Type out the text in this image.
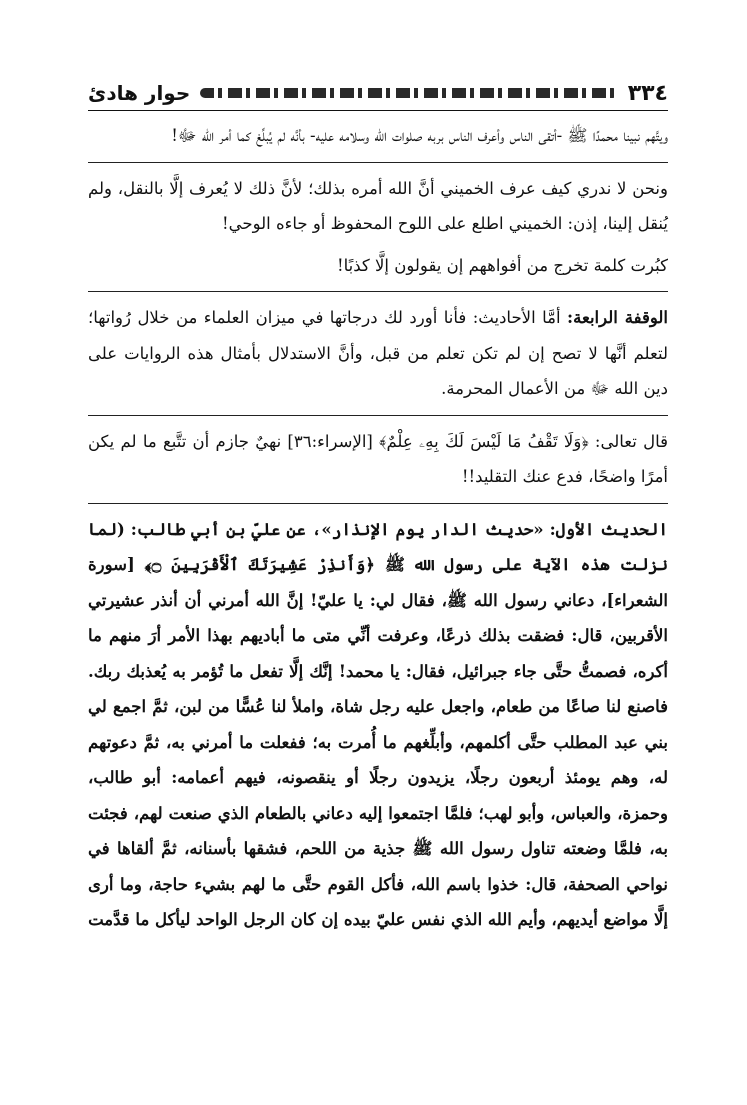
٣٣٤
حوار هادئ

ويتَّهم نبينا محمدًا ﷺ -أتقى الناس وأعرف الناس بربه صلوات الله وسلامه عليه- بأنَّه لم يُبلِّغ كما أمر الله ﷻ!

ونحن لا ندري كيف عرف الخميني أنَّ الله أمره بذلك؛ لأنَّ ذلك لا يُعرف إلَّا بالنقل، ولم يُنقل إلينا، إذن: الخميني اطلع على اللوح المحفوظ أو جاءه الوحي!

كبُرت كلمة تخرج من أفواههم إن يقولون إلَّا كذبًا!

الوقفة الرابعة: أمَّا الأحاديث: فأنا أورد لك درجاتها في ميزان العلماء من خلال رُواتها؛ لتعلم أنَّها لا تصح إن لم تكن تعلم من قبل، وأنَّ الاستدلال بأمثال هذه الروايات على دين الله ﷻ من الأعمال المحرمة.

قال تعالى: ﴿وَلَا تَقْفُ مَا لَيْسَ لَكَ بِهِۦ عِلْمٌ﴾ [الإسراء:٣٦] نهيٌ جازم أن تتَّبع ما لم يكن أمرًا واضحًا، فدع عنك التقليد!!

الحديث الأول: «حديث الدار يوم الإنذار»، عن عليّ بن أبي طالب: (لما نزلت هذه الآية على رسول الله ﷺ ﴿وَأَنذِرْ عَشِيرَتَكَ ٱلْأَقْرَبِينَ ۝﴾ [سورة الشعراء]، دعاني رسول الله ﷺ، فقال لي: يا عليّ! إنَّ الله أمرني أن أنذر عشيرتي الأقربين، قال: فضقت بذلك ذرعًا، وعرفت أنِّي متى ما أباديهم بهذا الأمر أرَ منهم ما أكره، فصمتُّ حتَّى جاء جبرائيل، فقال: يا محمد! إنَّك إلَّا تفعل ما تُؤمر به يُعذبك ربك. فاصنع لنا صاعًا من طعام، واجعل عليه رجل شاة، واملأ لنا عُسًّا من لبن، ثمَّ اجمع لي بني عبد المطلب حتَّى أكلمهم، وأبلِّغهم ما أُمرت به؛ ففعلت ما أمرني به، ثمَّ دعوتهم له، وهم يومئذ أربعون رجلًا، يزيدون رجلًا أو ينقصونه، فيهم أعمامه: أبو طالب، وحمزة، والعباس، وأبو لهب؛ فلمَّا اجتمعوا إليه دعاني بالطعام الذي صنعت لهم، فجئت به، فلمَّا وضعته تناول رسول الله ﷺ جذية من اللحم، فشقها بأسنانه، ثمَّ ألقاها في نواحي الصحفة، قال: خذوا باسم الله، فأكل القوم حتَّى ما لهم بشيء حاجة، وما أرى إلَّا مواضع أيديهم، وأيم الله الذي نفس عليّ بيده إن كان الرجل الواحد ليأكل ما قدَّمت
